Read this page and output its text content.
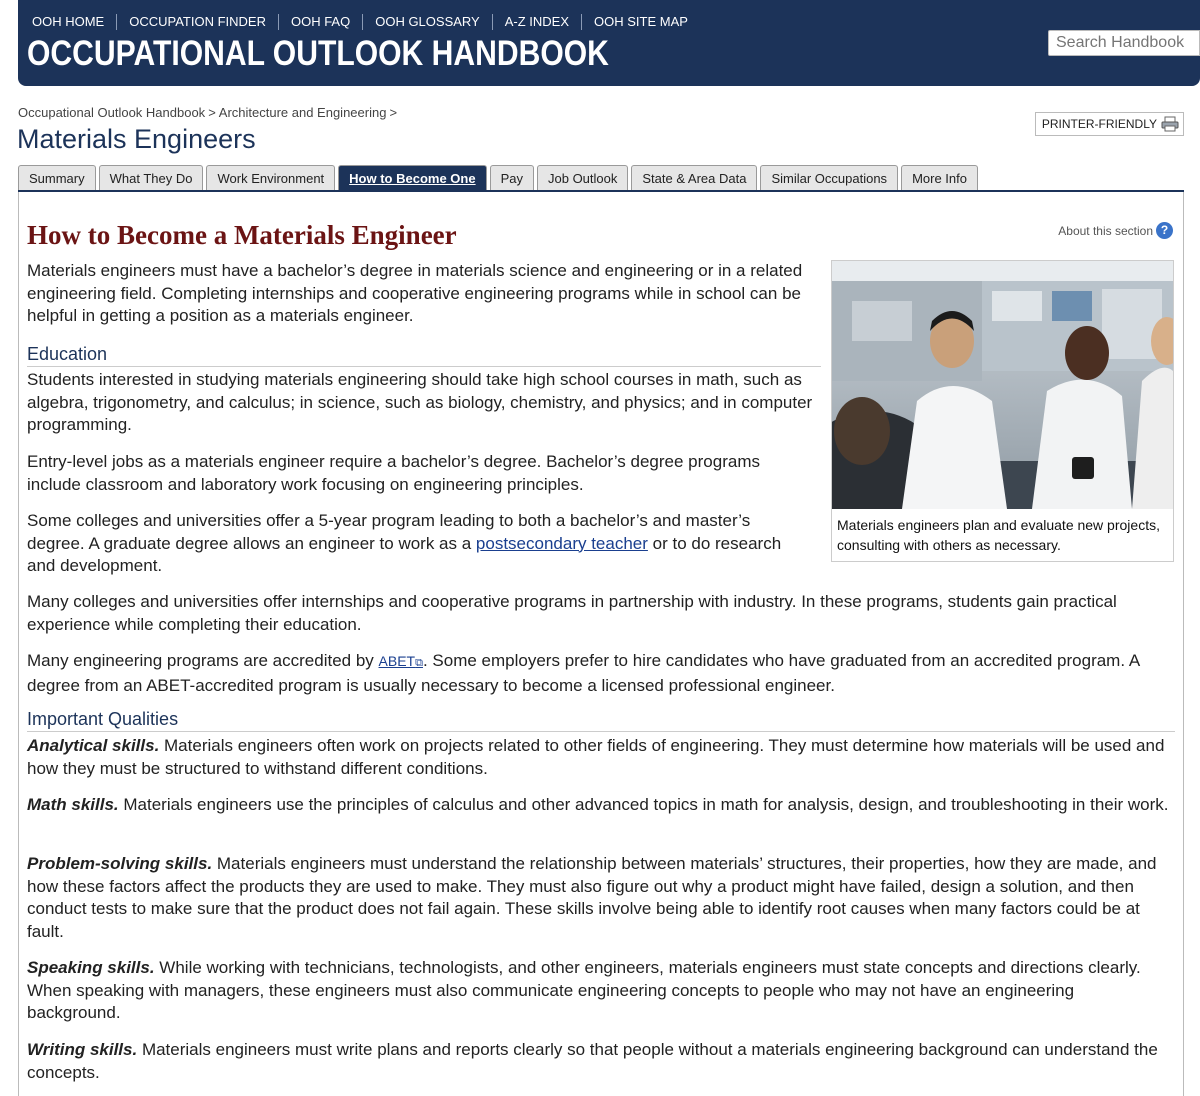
OOH HOME	OCCUPATION FINDER	OOH FAQ	OOH GLOSSARY	A-Z INDEX	OOH SITE MAP
OCCUPATIONAL OUTLOOK HANDBOOK
Search Handbook
Occupational Outlook Handbook > Architecture and Engineering >
Materials Engineers	PRINTER-FRIENDLY
Summary	What They Do	Work Environment	How to Become One	Pay	Job Outlook	State & Area Data	Similar Occupations	More Info
How to Become a Materials Engineer	About this section ?

Materials engineers must have a bachelor’s degree in materials science and engineering or in a related engineering field. Completing internships and cooperative engineering programs while in school can be helpful in getting a position as a materials engineer.

Materials engineers plan and evaluate new projects, consulting with others as necessary.
Education

Students interested in studying materials engineering should take high school courses in math, such as algebra, trigonometry, and calculus; in science, such as biology, chemistry, and physics; and in computer programming.

Entry-level jobs as a materials engineer require a bachelor’s degree. Bachelor’s degree programs include classroom and laboratory work focusing on engineering principles.

Some colleges and universities offer a 5-year program leading to both a bachelor’s and master’s degree. A graduate degree allows an engineer to work as a postsecondary teacher or to do research and development.

Many colleges and universities offer internships and cooperative programs in partnership with industry. In these programs, students gain practical experience while completing their education.

Many engineering programs are accredited by ABET⧉. Some employers prefer to hire candidates who have graduated from an accredited program. A degree from an ABET-accredited program is usually necessary to become a licensed professional engineer.

Important Qualities

Analytical skills. Materials engineers often work on projects related to other fields of engineering. They must determine how materials will be used and how they must be structured to withstand different conditions.

Math skills. Materials engineers use the principles of calculus and other advanced topics in math for analysis, design, and troubleshooting in their work.

Problem-solving skills. Materials engineers must understand the relationship between materials’ structures, their properties, how they are made, and how these factors affect the products they are used to make. They must also figure out why a product might have failed, design a solution, and then conduct tests to make sure that the product does not fail again. These skills involve being able to identify root causes when many factors could be at fault.

Speaking skills. While working with technicians, technologists, and other engineers, materials engineers must state concepts and directions clearly. When speaking with managers, these engineers must also communicate engineering concepts to people who may not have an engineering background.

Writing skills. Materials engineers must write plans and reports clearly so that people without a materials engineering background can understand the concepts.
